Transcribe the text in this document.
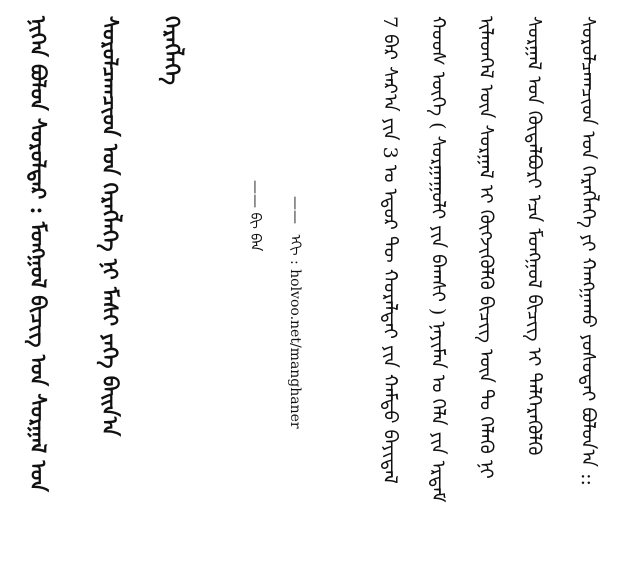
ᠨᠢᠭᠡᠨ ᠪᠤᠯᠤᠨ ᠰᠤᠷᠤᠯᠳᠠᠷ : ᠮᠣᠩᠭᠣᠯ ᠪᠢᠴᠢᠭ ᠤᠨ ᠰᠤᠷᠭᠠᠯ ᠤᠨ ᠰᠤᠷᠤᠯᠴᠠᠭᠴᠢᠳ ᠤᠨ ᠬᠡᠷᠡᠭᠯᠡᠭᠡ ᠨᠢ ᠮᠠᠰᠢ ᠶᠡᠬᠡ ᠪᠠᠢᠨ᠎ᠠ ᠬᠡᠷᠡᠭᠯᠡᠭᠡ
—— ᠪᠢ ᠪᠡᠨ —— ᠡᠬᠢ : holvoo.net/manghaner	7 ᠪᠠᠷ ᠰᠠᠷ᠎ᠠ ᠶᠢᠨ 3 ᠤ ᠡᠳᠦᠷ ᠲᠦ ᠬᠤᠷᠠᠯᠳᠠᠢ ᠶᠢᠨ ᠬᠠᠮᠲᠤ ᠪᠠᠶᠢᠳᠠᠯ ᠬᠣᠣᠰ ᠦᠭᠡ ( ᠰᠤᠷᠭᠠᠭᠤᠯᠢ ᠶᠢᠨ ᠪᠠᠭᠰᠢ ) ᠨᠠᠶᠢᠮᠠᠨ ᠤ ᠬᠡᠯᠡ ᠶᠢᠨ ᠡᠷᠳᠡᠮ ᠢᠯᠡᠳᠬᠡᠯ ᠦᠨ ᠰᠤᠷᠭᠠᠯ ᠢ ᠬᠥᠭᠵᠢᠭᠦᠯᠬᠦ ᠪᠢᠴᠢᠭ ᠦᠨ ᠲᠤ ᠬᠡᠯᠡᠬᠦ ᠨᠢ ᠰᠤᠷᠭᠠᠯ ᠤᠨ ᠬᠥᠲᠡᠯᠪᠦᠷᠢ ᠡᠴᠡ ᠮᠣᠩᠭᠣᠯ ᠪᠢᠴᠢᠭ ᠢ ᠳᠡᠯᠭᠡᠷᠡᠭᠦᠯᠬᠦ ᠰᠤᠷᠤᠯᠴᠠᠭᠴᠢᠳ ᠤᠨ ᠬᠡᠷᠡᠭᠯᠡᠭᠡ ᠶᠢ ᠬᠠᠩᠭᠠᠬᠤ ᠶᠤᠰᠤᠳᠠᠢ ᠪᠣᠯᠤᠨ᠎ᠠ ::
